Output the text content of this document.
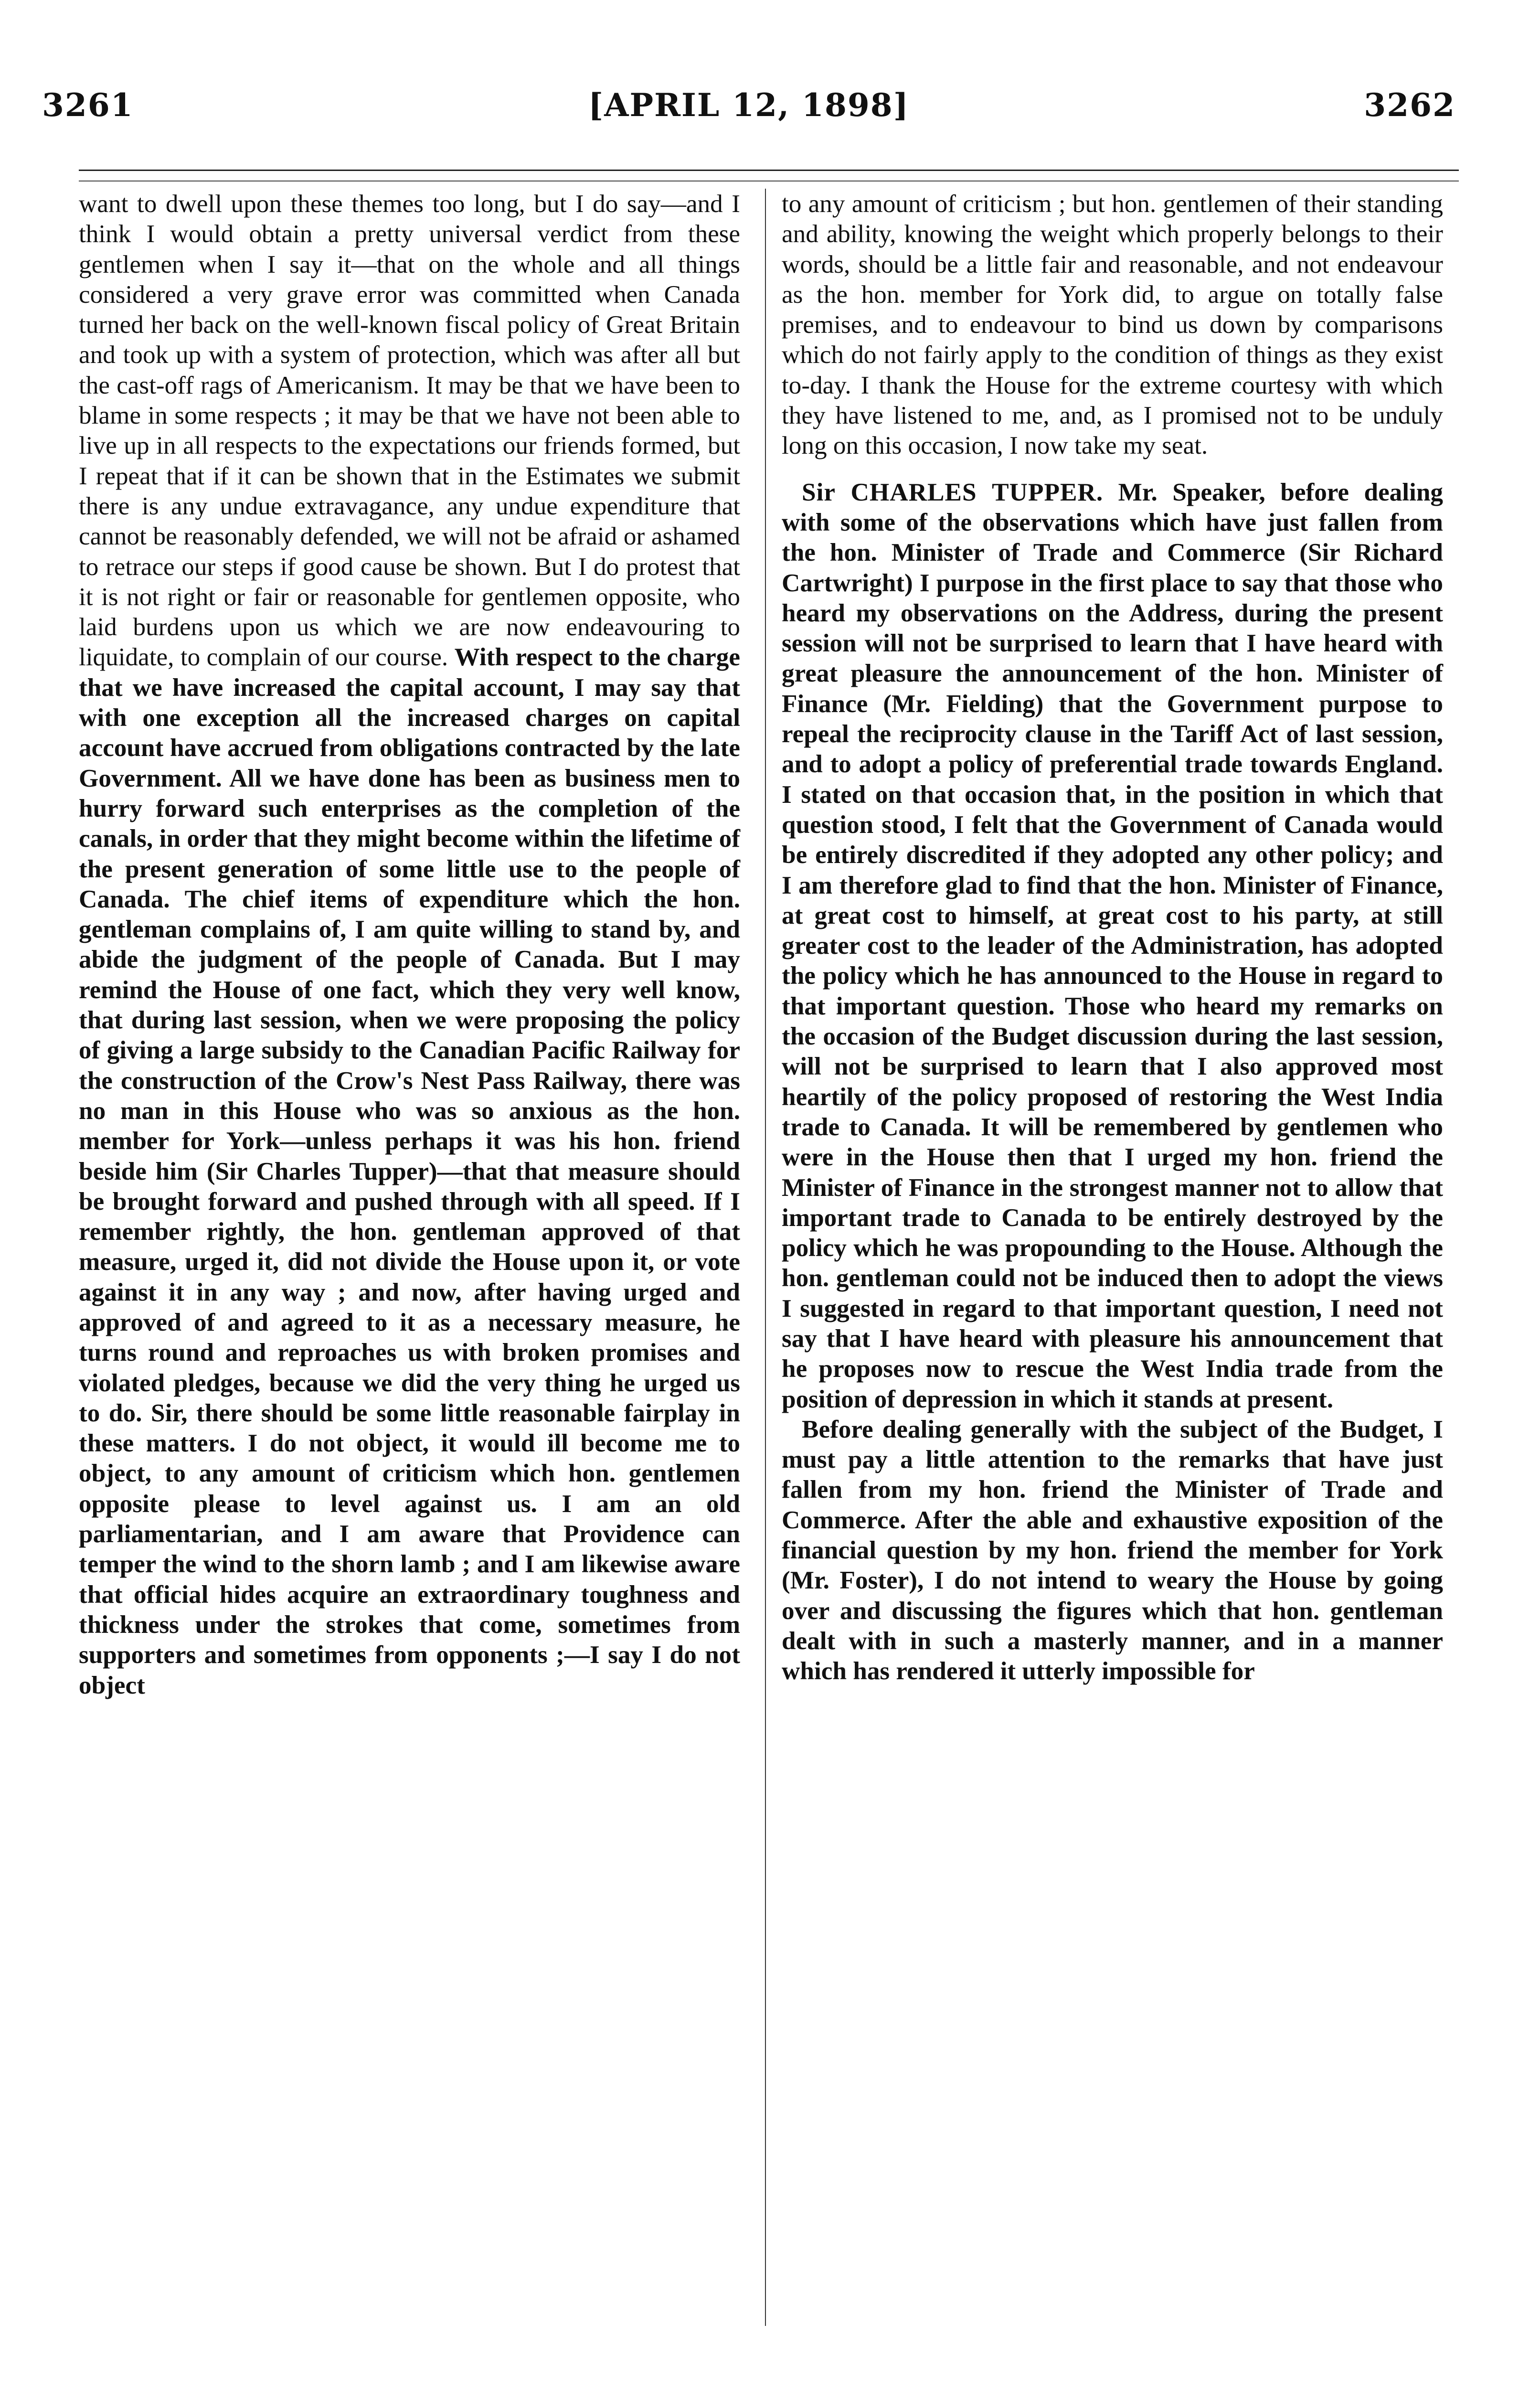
3261	[APRIL 12, 1898]	3262

want to dwell upon these themes too long, but I do say—and I think I would obtain a pretty universal verdict from these gentlemen when I say it—that on the whole and all things considered a very grave error was committed when Canada turned her back on the well-known fiscal policy of Great Britain and took up with a system of protection, which was after all but the cast-off rags of Americanism. It may be that we have been to blame in some respects ; it may be that we have not been able to live up in all respects to the expectations our friends formed, but I repeat that if it can be shown that in the Estimates we submit there is any undue extravagance, any undue expenditure that cannot be reasonably defended, we will not be afraid or ashamed to retrace our steps if good cause be shown. But I do protest that it is not right or fair or reasonable for gentlemen opposite, who laid burdens upon us which we are now endeavouring to liquidate, to complain of our course. With respect to the charge that we have increased the capital account, I may say that with one exception all the increased charges on capital account have accrued from obligations contracted by the late Government. All we have done has been as business men to hurry forward such enterprises as the completion of the canals, in order that they might become within the lifetime of the present generation of some little use to the people of Canada. The chief items of expenditure which the hon. gentleman complains of, I am quite willing to stand by, and abide the judgment of the people of Canada. But I may remind the House of one fact, which they very well know, that during last session, when we were proposing the policy of giving a large subsidy to the Canadian Pacific Railway for the construction of the Crow's Nest Pass Railway, there was no man in this House who was so anxious as the hon. member for York—unless perhaps it was his hon. friend beside him (Sir Charles Tupper)—that that measure should be brought forward and pushed through with all speed. If I remember rightly, the hon. gentleman approved of that measure, urged it, did not divide the House upon it, or vote against it in any way ; and now, after having urged and approved of and agreed to it as a necessary measure, he turns round and reproaches us with broken promises and violated pledges, because we did the very thing he urged us to do. Sir, there should be some little reasonable fairplay in these matters. I do not object, it would ill become me to object, to any amount of criticism which hon. gentlemen opposite please to level against us. I am an old parliamentarian, and I am aware that Providence can temper the wind to the shorn lamb ; and I am likewise aware that official hides acquire an extraordinary toughness and thickness under the strokes that come, sometimes from supporters and sometimes from opponents ;—I say I do not object

to any amount of criticism ; but hon. gentlemen of their standing and ability, knowing the weight which properly belongs to their words, should be a little fair and reasonable, and not endeavour as the hon. member for York did, to argue on totally false premises, and to endeavour to bind us down by comparisons which do not fairly apply to the condition of things as they exist to-day. I thank the House for the extreme courtesy with which they have listened to me, and, as I promised not to be unduly long on this occasion, I now take my seat.

Sir CHARLES TUPPER. Mr. Speaker, before dealing with some of the observations which have just fallen from the hon. Minister of Trade and Commerce (Sir Richard Cartwright) I purpose in the first place to say that those who heard my observations on the Address, during the present session will not be surprised to learn that I have heard with great pleasure the announcement of the hon. Minister of Finance (Mr. Fielding) that the Government purpose to repeal the reciprocity clause in the Tariff Act of last session, and to adopt a policy of preferential trade towards England. I stated on that occasion that, in the position in which that question stood, I felt that the Government of Canada would be entirely discredited if they adopted any other policy; and I am therefore glad to find that the hon. Minister of Finance, at great cost to himself, at great cost to his party, at still greater cost to the leader of the Administration, has adopted the policy which he has announced to the House in regard to that important question. Those who heard my remarks on the occasion of the Budget discussion during the last session, will not be surprised to learn that I also approved most heartily of the policy proposed of restoring the West India trade to Canada. It will be remembered by gentlemen who were in the House then that I urged my hon. friend the Minister of Finance in the strongest manner not to allow that important trade to Canada to be entirely destroyed by the policy which he was propounding to the House. Although the hon. gentleman could not be induced then to adopt the views I suggested in regard to that important question, I need not say that I have heard with pleasure his announcement that he proposes now to rescue the West India trade from the position of depression in which it stands at present.

Before dealing generally with the subject of the Budget, I must pay a little attention to the remarks that have just fallen from my hon. friend the Minister of Trade and Commerce. After the able and exhaustive exposition of the financial question by my hon. friend the member for York (Mr. Foster), I do not intend to weary the House by going over and discussing the figures which that hon. gentleman dealt with in such a masterly manner, and in a manner which has rendered it utterly impossible for
